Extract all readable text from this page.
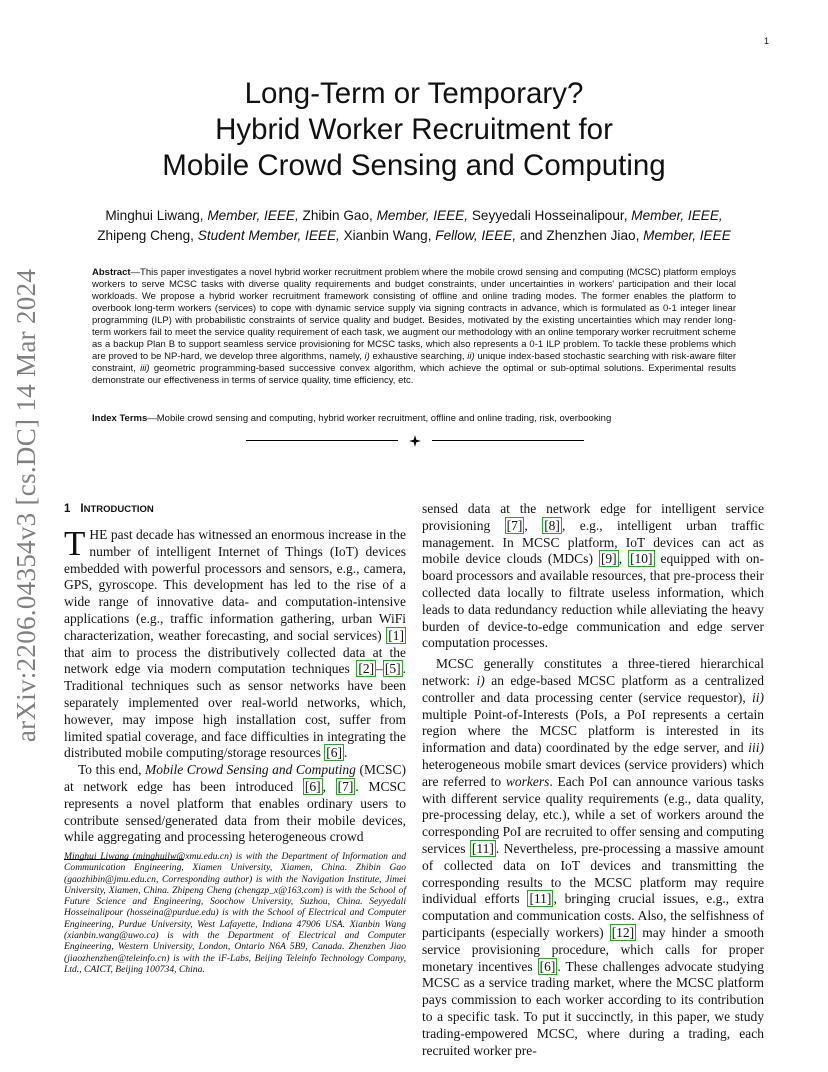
1
arXiv:2206.04354v3 [cs.DC] 14 Mar 2024
Long-Term or Temporary?
Hybrid Worker Recruitment for
Mobile Crowd Sensing and Computing
Minghui Liwang, Member, IEEE, Zhibin Gao, Member, IEEE, Seyyedali Hosseinalipour, Member, IEEE,
Zhipeng Cheng, Student Member, IEEE, Xianbin Wang, Fellow, IEEE, and Zhenzhen Jiao, Member, IEEE
Abstract—This paper investigates a novel hybrid worker recruitment problem where the mobile crowd sensing and computing (MCSC) platform employs workers to serve MCSC tasks with diverse quality requirements and budget constraints, under uncertainties in workers' participation and their local workloads. We propose a hybrid worker recruitment framework consisting of offline and online trading modes. The former enables the platform to overbook long-term workers (services) to cope with dynamic service supply via signing contracts in advance, which is formulated as 0-1 integer linear programming (ILP) with probabilistic constraints of service quality and budget. Besides, motivated by the existing uncertainties which may render long-term workers fail to meet the service quality requirement of each task, we augment our methodology with an online temporary worker recruitment scheme as a backup Plan B to support seamless service provisioning for MCSC tasks, which also represents a 0-1 ILP problem. To tackle these problems which are proved to be NP-hard, we develop three algorithms, namely, i) exhaustive searching, ii) unique index-based stochastic searching with risk-aware filter constraint, iii) geometric programming-based successive convex algorithm, which achieve the optimal or sub-optimal solutions. Experimental results demonstrate our effectiveness in terms of service quality, time efficiency, etc.
Index Terms—Mobile crowd sensing and computing, hybrid worker recruitment, offline and online trading, risk, overbooking
1 INTRODUCTION

THE past decade has witnessed an enormous increase in the number of intelligent Internet of Things (IoT) devices embedded with powerful processors and sensors, e.g., camera, GPS, gyroscope. This development has led to the rise of a wide range of innovative data- and computation-intensive applications (e.g., traffic information gathering, urban WiFi characterization, weather forecasting, and social services) [1] that aim to process the distributively collected data at the network edge via modern computation techniques [2] – [5] . Traditional techniques such as sensor networks have been separately implemented over real-world networks, which, however, may impose high installation cost, suffer from limited spatial coverage, and face difficulties in integrating the distributed mobile computing/storage resources [6] .

To this end, Mobile Crowd Sensing and Computing (MCSC) at network edge has been introduced [6] , [7] . MCSC represents a novel platform that enables ordinary users to contribute sensed/generated data from their mobile devices, while aggregating and processing heterogeneous crowd

Minghui Liwang (minghuilw@xmu.edu.cn) is with the Department of Information and Communication Engineering, Xiamen University, Xiamen, China. Zhibin Gao (gaozhibin@jmu.edu.cn, Corresponding author) is with the Navigation Institute, Jimei University, Xiamen, China. Zhipeng Cheng (chengzp_x@163.com) is with the School of Future Science and Engineering, Soochow University, Suzhou, China. Seyyedali Hosseinalipour (hosseina@purdue.edu) is with the School of Electrical and Computer Engineering, Purdue University, West Lafayette, Indiana 47906 USA. Xianbin Wang (xianbin.wang@uwo.ca) is with the Department of Electrical and Computer Engineering, Western University, London, Ontario N6A 5B9, Canada. Zhenzhen Jiao (jiaozhenzhen@teleinfo.cn) is with the iF-Labs, Beijing Teleinfo Technology Company, Ltd., CAICT, Beijing 100734, China.

sensed data at the network edge for intelligent service provisioning [7] , [8] , e.g., intelligent urban traffic management. In MCSC platform, IoT devices can act as mobile device clouds (MDCs) [9] , [10] equipped with on-board processors and available resources, that pre-process their collected data locally to filtrate useless information, which leads to data redundancy reduction while alleviating the heavy burden of device-to-edge communication and edge server computation processes.

MCSC generally constitutes a three-tiered hierarchical network: i) an edge-based MCSC platform as a centralized controller and data processing center (service requestor), ii) multiple Point-of-Interests (PoIs, a PoI represents a certain region where the MCSC platform is interested in its information and data) coordinated by the edge server, and iii) heterogeneous mobile smart devices (service providers) which are referred to workers. Each PoI can announce various tasks with different service quality requirements (e.g., data quality, pre-processing delay, etc.), while a set of workers around the corresponding PoI are recruited to offer sensing and computing services [11] . Nevertheless, pre-processing a massive amount of collected data on IoT devices and transmitting the corresponding results to the MCSC platform may require individual efforts [11] , bringing crucial issues, e.g., extra computation and communication costs. Also, the selfishness of participants (especially workers) [12] may hinder a smooth service provisioning procedure, which calls for proper monetary incentives [6] . These challenges advocate studying MCSC as a service trading market, where the MCSC platform pays commission to each worker according to its contribution to a specific task. To put it succinctly, in this paper, we study trading-empowered MCSC, where during a trading, each recruited worker pre-
